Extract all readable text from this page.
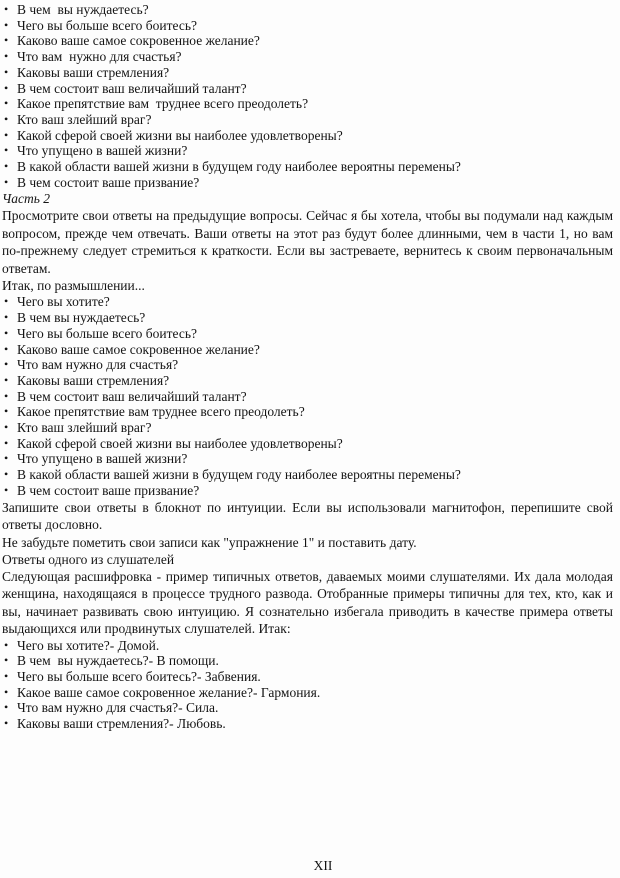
• В чем  вы нуждаетесь?
• Чего вы больше всего боитесь?
• Каково ваше самое сокровенное желание?
• Что вам  нужно для счастья?
• Каковы ваши стремления?
• В чем состоит ваш величайший талант?
• Какое препятствие вам  труднее всего преодолеть?
• Кто ваш злейший враг?
• Какой сферой своей жизни вы наиболее удовлетворены?
• Что упущено в вашей жизни?
• В какой области вашей жизни в будущем году наиболее вероятны перемены?
• В чем состоит ваше призвание?

Часть 2

Просмотрите свои ответы на предыдущие вопросы. Сейчас я бы хотела, чтобы вы подумали над каждым вопросом, прежде чем отвечать. Ваши ответы на этот раз будут более длинными, чем в части 1, но вам по-прежнему следует стремиться к краткости. Если вы застреваете, вернитесь к своим первоначальным ответам.

Итак, по размышлении...

• Чего вы хотите?
• В чем вы нуждаетесь?
• Чего вы больше всего боитесь?
• Каково ваше самое сокровенное желание?
• Что вам нужно для счастья?
• Каковы ваши стремления?
• В чем состоит ваш величайший талант?
• Какое препятствие вам труднее всего преодолеть?
• Кто ваш злейший враг?
• Какой сферой своей жизни вы наиболее удовлетворены?
• Что упущено в вашей жизни?
• В какой области вашей жизни в будущем году наиболее вероятны перемены?
• В чем состоит ваше призвание?

Запишите свои ответы в блокнот по интуиции. Если вы использовали магнитофон, перепишите свой ответы дословно.

Не забудьте пометить свои записи как "упражнение 1" и поставить дату.

Ответы одного из слушателей

Следующая расшифровка - пример типичных ответов, даваемых моими слушателями. Их дала молодая женщина, находящаяся в процессе трудного развода. Отобранные примеры типичны для тех, кто, как и вы, начинает развивать свою интуицию. Я сознательно избегала приводить в качестве примера ответы выдающихся или продвинутых слушателей. Итак:

• Чего вы хотите?- Домой.
• В чем  вы нуждаетесь?- В помощи.
• Чего вы больше всего боитесь?- Забвения.
• Какое ваше самое сокровенное желание?- Гармония.
• Что вам нужно для счастья?- Сила.
• Каковы ваши стремления?- Любовь.
XII
